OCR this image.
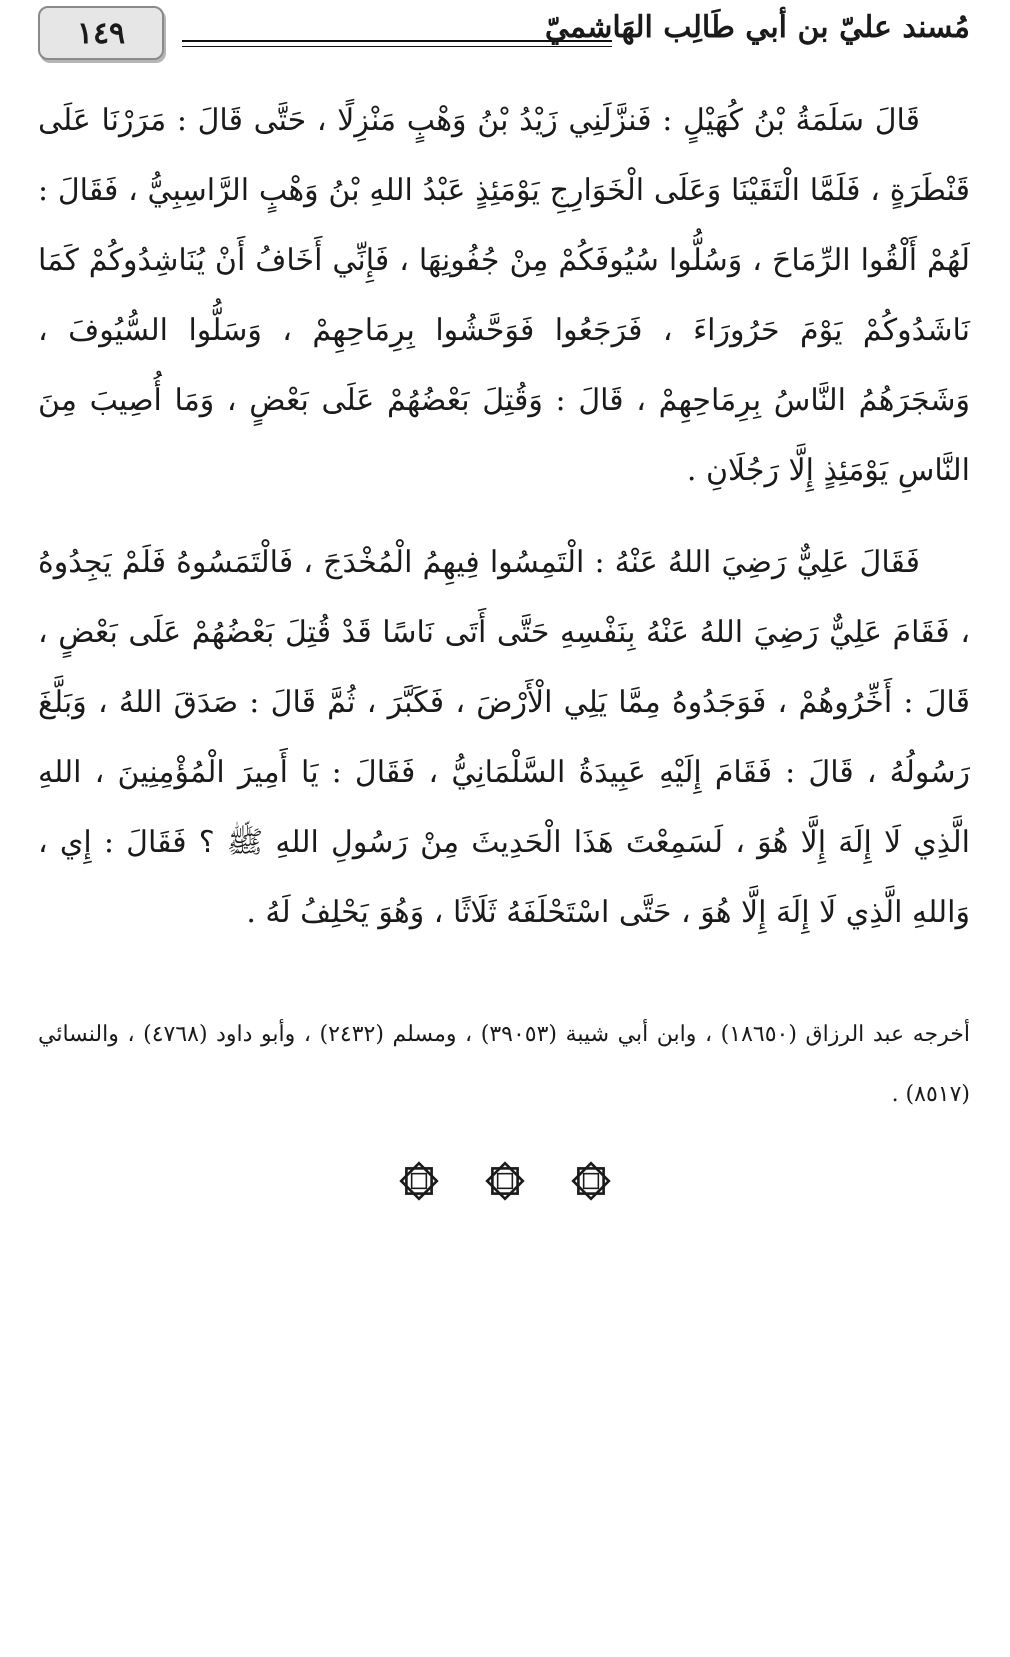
١٤٩	مُسند عليّ بن أبي طَالِب الهَاشميّ

قَالَ سَلَمَةُ بْنُ كُهَيْلٍ : فَنزَّلَنِي زَيْدُ بْنُ وَهْبٍ مَنْزِلًا ، حَتَّى قَالَ : مَرَرْنَا عَلَى قَنْطَرَةٍ ، فَلَمَّا الْتَقَيْنَا وَعَلَى الْخَوَارِجِ يَوْمَئِذٍ عَبْدُ اللهِ بْنُ وَهْبٍ الرَّاسِبِيُّ ، فَقَالَ : لَهُمْ أَلْقُوا الرِّمَاحَ ، وَسُلُّوا سُيُوفَكُمْ مِنْ جُفُونِهَا ، فَإِنِّي أَخَافُ أَنْ يُنَاشِدُوكُمْ كَمَا نَاشَدُوكُمْ يَوْمَ حَرُورَاءَ ، فَرَجَعُوا فَوَحَّشُوا بِرِمَاحِهِمْ ، وَسَلُّوا السُّيُوفَ ، وَشَجَرَهُمُ النَّاسُ بِرِمَاحِهِمْ ، قَالَ : وَقُتِلَ بَعْضُهُمْ عَلَى بَعْضٍ ، وَمَا أُصِيبَ مِنَ النَّاسِ يَوْمَئِذٍ إِلَّا رَجُلَانِ .

فَقَالَ عَلِيٌّ رَضِيَ اللهُ عَنْهُ : الْتَمِسُوا فِيهِمُ الْمُخْدَجَ ، فَالْتَمَسُوهُ فَلَمْ يَجِدُوهُ ، فَقَامَ عَلِيٌّ رَضِيَ اللهُ عَنْهُ بِنَفْسِهِ حَتَّى أَتَى نَاسًا قَدْ قُتِلَ بَعْضُهُمْ عَلَى بَعْضٍ ، قَالَ : أَخِّرُوهُمْ ، فَوَجَدُوهُ مِمَّا يَلِي الْأَرْضَ ، فَكَبَّرَ ، ثُمَّ قَالَ : صَدَقَ اللهُ ، وَبَلَّغَ رَسُولُهُ ، قَالَ : فَقَامَ إِلَيْهِ عَبِيدَةُ السَّلْمَانِيُّ ، فَقَالَ : يَا أَمِيرَ الْمُؤْمِنِينَ ، اللهِ الَّذِي لَا إِلَهَ إِلَّا هُوَ ، لَسَمِعْتَ هَذَا الْحَدِيثَ مِنْ رَسُولِ اللهِ ﷺ ؟ فَقَالَ : إِي ، وَاللهِ الَّذِي لَا إِلَهَ إِلَّا هُوَ ، حَتَّى اسْتَحْلَفَهُ ثَلَاثًا ، وَهُوَ يَحْلِفُ لَهُ .

أخرجه عبد الرزاق (١٨٦٥٠) ، وابن أبي شيبة (٣٩٠٥٣) ، ومسلم (٢٤٣٢) ، وأبو داود (٤٧٦٨) ، والنسائي (٨٥١٧) .
